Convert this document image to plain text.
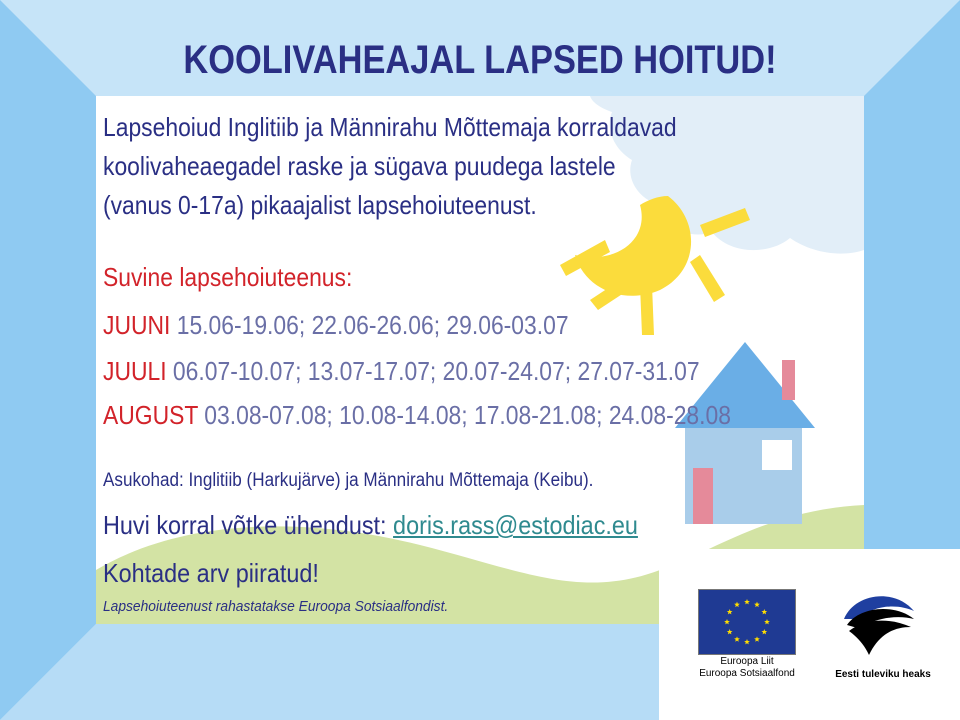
KOOLIVAHEAJAL LAPSED HOITUD!
Lapsehoiud Inglitiib ja Männirahu Mõttemaja korraldavad
koolivaheaegadel raske ja sügava puudega lastele
(vanus 0-17a) pikaajalist lapsehoiuteenust.
Suvine lapsehoiuteenus:
JUUNI 15.06-19.06; 22.06-26.06; 29.06-03.07
JUULI 06.07-10.07; 13.07-17.07; 20.07-24.07; 27.07-31.07
AUGUST 03.08-07.08; 10.08-14.08; 17.08-21.08; 24.08-28.08
Asukohad: Inglitiib (Harkujärve) ja Männirahu Mõttemaja (Keibu).
Huvi korral võtke ühendust: doris.rass@estodiac.eu
Kohtade arv piiratud!
Lapsehoiuteenust rahastatakse Euroopa Sotsiaalfondist.
Euroopa Liit
Euroopa Sotsiaalfond	Eesti tuleviku heaks
